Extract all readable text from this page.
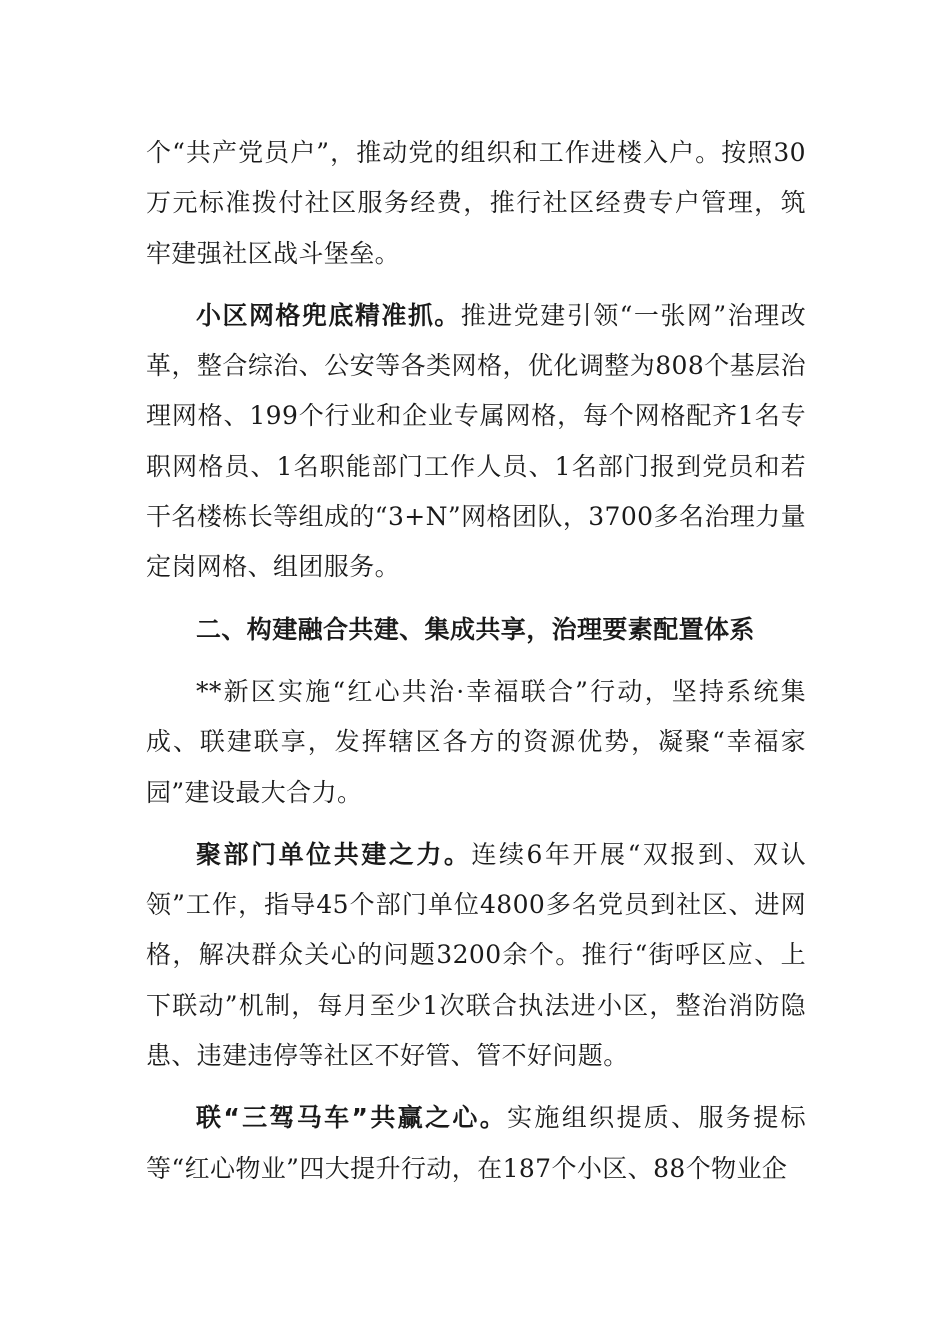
个“共产党员户”，推动党的组织和工作进楼入户。按照30万元标准拨付社区服务经费，推行社区经费专户管理，筑牢建强社区战斗堡垒。

小区网格兜底精准抓。推进党建引领“一张网”治理改革，整合综治、公安等各类网格，优化调整为808个基层治理网格、199个行业和企业专属网格，每个网格配齐1名专职网格员、1名职能部门工作人员、1名部门报到党员和若干名楼栋长等组成的“3+N”网格团队，3700多名治理力量定岗网格、组团服务。

二、构建融合共建、集成共享，治理要素配置体系

**新区实施“红心共治·幸福联合”行动，坚持系统集成、联建联享，发挥辖区各方的资源优势，凝聚“幸福家园”建设最大合力。

聚部门单位共建之力。连续6年开展“双报到、双认领”工作，指导45个部门单位4800多名党员到社区、进网格，解决群众关心的问题3200余个。推行“街呼区应、上下联动”机制，每月至少1次联合执法进小区，整治消防隐患、违建违停等社区不好管、管不好问题。

联“三驾马车”共赢之心。实施组织提质、服务提标等“红心物业”四大提升行动，在187个小区、88个物业企
